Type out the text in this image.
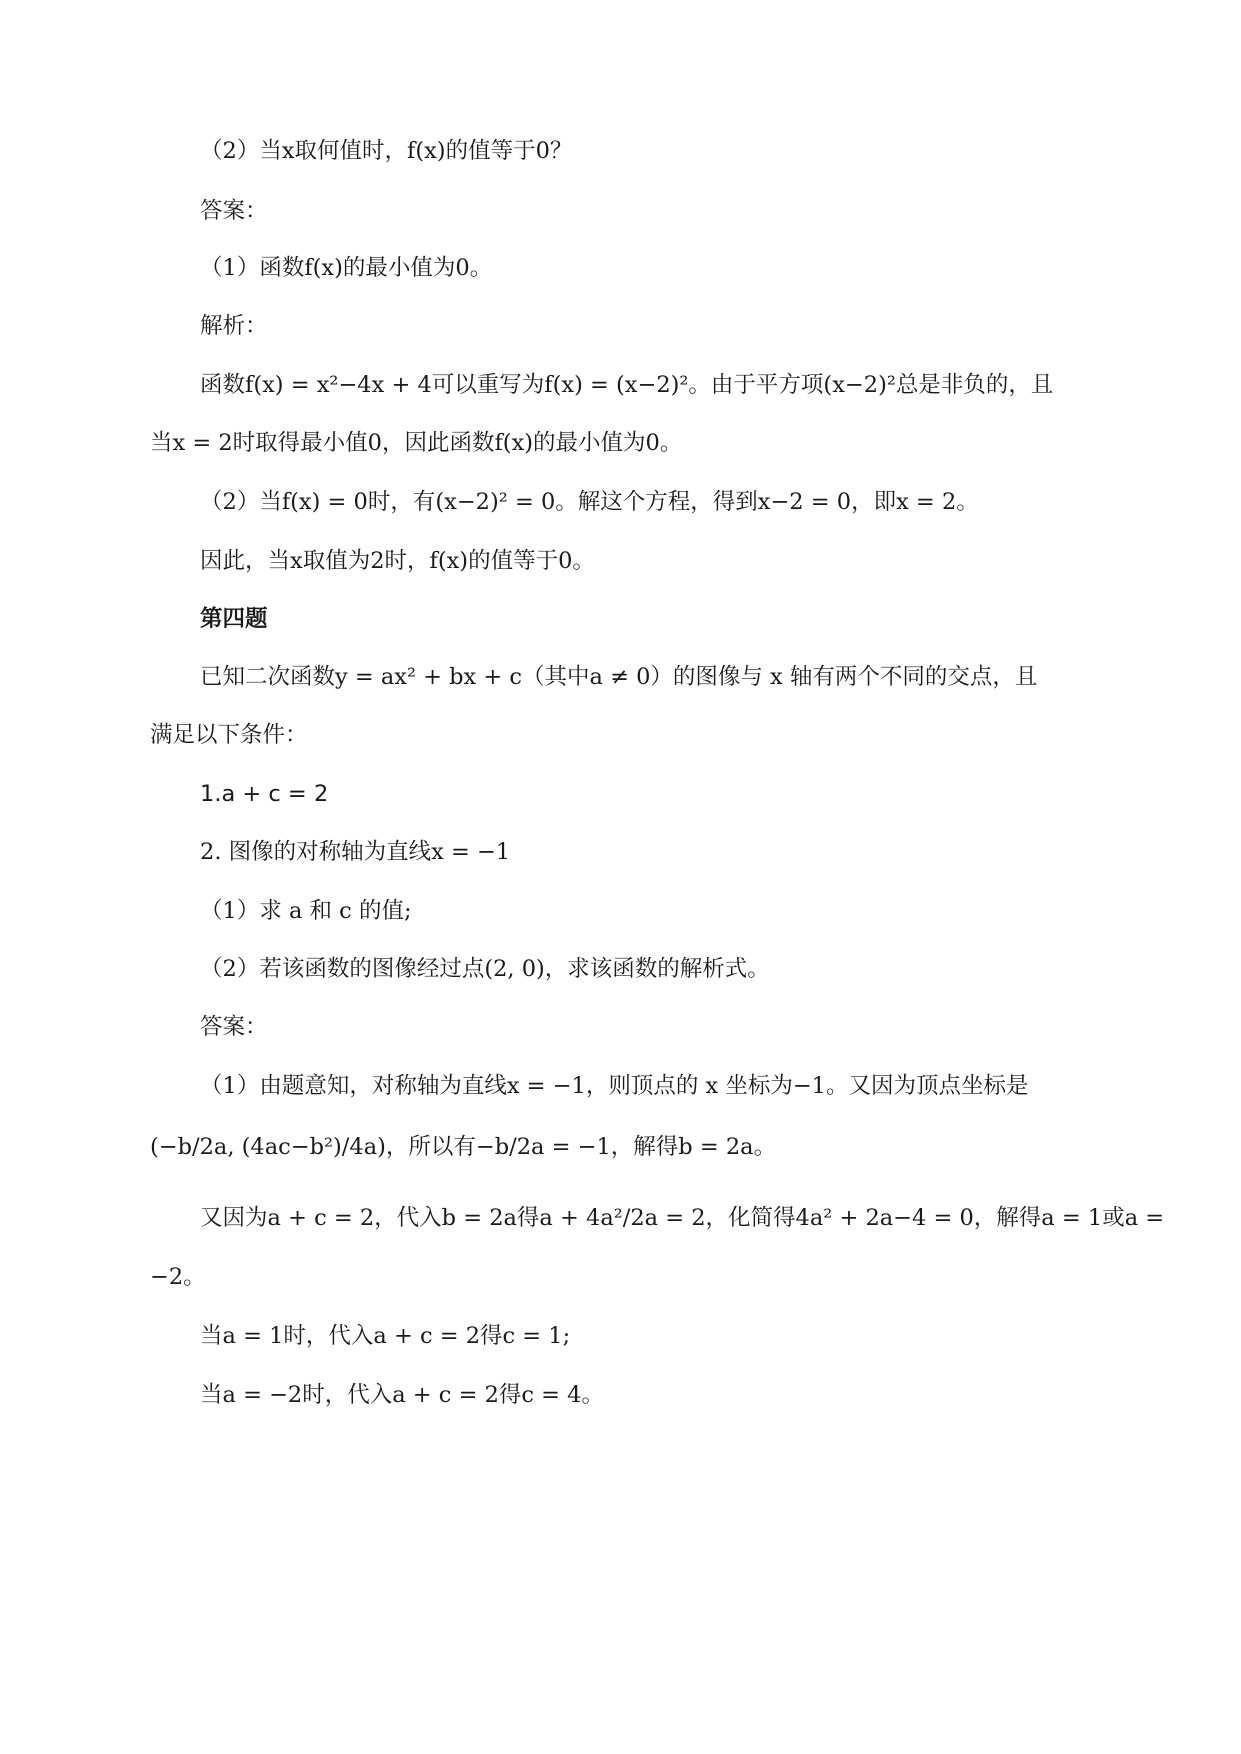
（2）当x取何值时，f(x)的值等于0？
答案：
（1）函数f(x)的最小值为0。
解析：
函数f(x) = x²−4x + 4可以重写为f(x) = (x−2)²。由于平方项(x−2)²总是非负的，且
当x = 2时取得最小值0，因此函数f(x)的最小值为0。
（2）当f(x) = 0时，有(x−2)² = 0。解这个方程，得到x−2 = 0，即x = 2。
因此，当x取值为2时，f(x)的值等于0。
第四题
已知二次函数y = ax² + bx + c（其中a ≠ 0）的图像与 x 轴有两个不同的交点，且
满足以下条件：
1.a + c = 2
2. 图像的对称轴为直线x = −1
（1）求 a 和 c 的值;
（2）若该函数的图像经过点(2, 0)，求该函数的解析式。
答案：
（1）由题意知，对称轴为直线x = −1，则顶点的 x 坐标为−1。又因为顶点坐标是
(−b/2a, (4ac−b²)/4a)，所以有−b/2a = −1，解得b = 2a。
又因为a + c = 2，代入b = 2a得a + 4a²/2a = 2，化简得4a² + 2a−4 = 0，解得a = 1或a =
−2。
当a = 1时，代入a + c = 2得c = 1;
当a = −2时，代入a + c = 2得c = 4。
